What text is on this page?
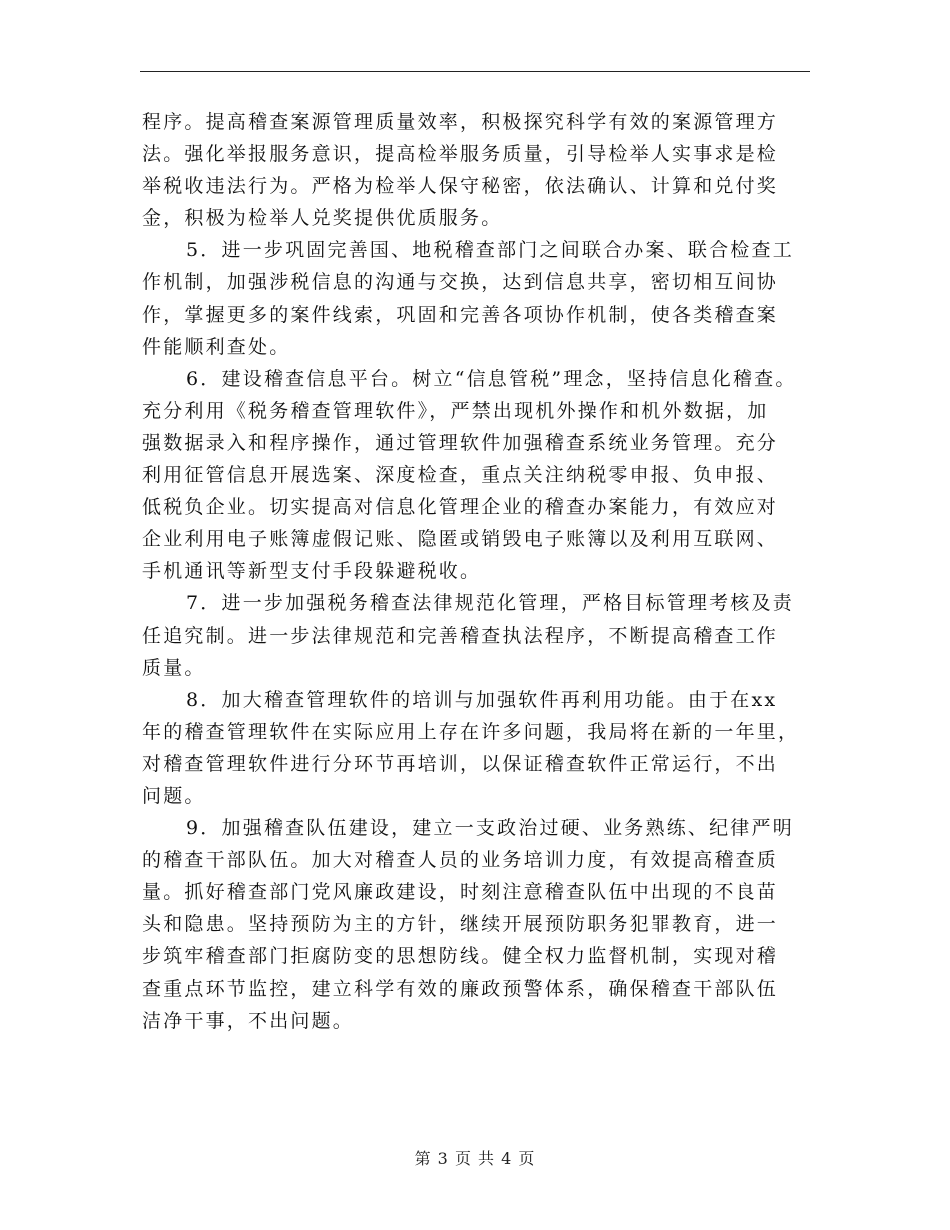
程序。提高稽查案源管理质量效率，积极探究科学有效的案源管理方
法。强化举报服务意识，提高检举服务质量，引导检举人实事求是检
举税收违法行为。严格为检举人保守秘密，依法确认、计算和兑付奖
金，积极为检举人兑奖提供优质服务。
5．进一步巩固完善国、地税稽查部门之间联合办案、联合检查工
作机制，加强涉税信息的沟通与交换，达到信息共享，密切相互间协
作，掌握更多的案件线索，巩固和完善各项协作机制，使各类稽查案
件能顺利查处。
6．建设稽查信息平台。树立“信息管税”理念，坚持信息化稽查。
充分利用《税务稽查管理软件》，严禁出现机外操作和机外数据，加
强数据录入和程序操作，通过管理软件加强稽查系统业务管理。充分
利用征管信息开展选案、深度检查，重点关注纳税零申报、负申报、
低税负企业。切实提高对信息化管理企业的稽查办案能力，有效应对
企业利用电子账簿虚假记账、隐匿或销毁电子账簿以及利用互联网、
手机通讯等新型支付手段躲避税收。
7．进一步加强税务稽查法律规范化管理，严格目标管理考核及责
任追究制。进一步法律规范和完善稽查执法程序，不断提高稽查工作
质量。
8．加大稽查管理软件的培训与加强软件再利用功能。由于在xx
年的稽查管理软件在实际应用上存在许多问题，我局将在新的一年里，
对稽查管理软件进行分环节再培训，以保证稽查软件正常运行，不出
问题。
9．加强稽查队伍建设，建立一支政治过硬、业务熟练、纪律严明
的稽查干部队伍。加大对稽查人员的业务培训力度，有效提高稽查质
量。抓好稽查部门党风廉政建设，时刻注意稽查队伍中出现的不良苗
头和隐患。坚持预防为主的方针，继续开展预防职务犯罪教育，进一
步筑牢稽查部门拒腐防变的思想防线。健全权力监督机制，实现对稽
查重点环节监控，建立科学有效的廉政预警体系，确保稽查干部队伍
洁净干事，不出问题。
第 3 页 共 4 页
